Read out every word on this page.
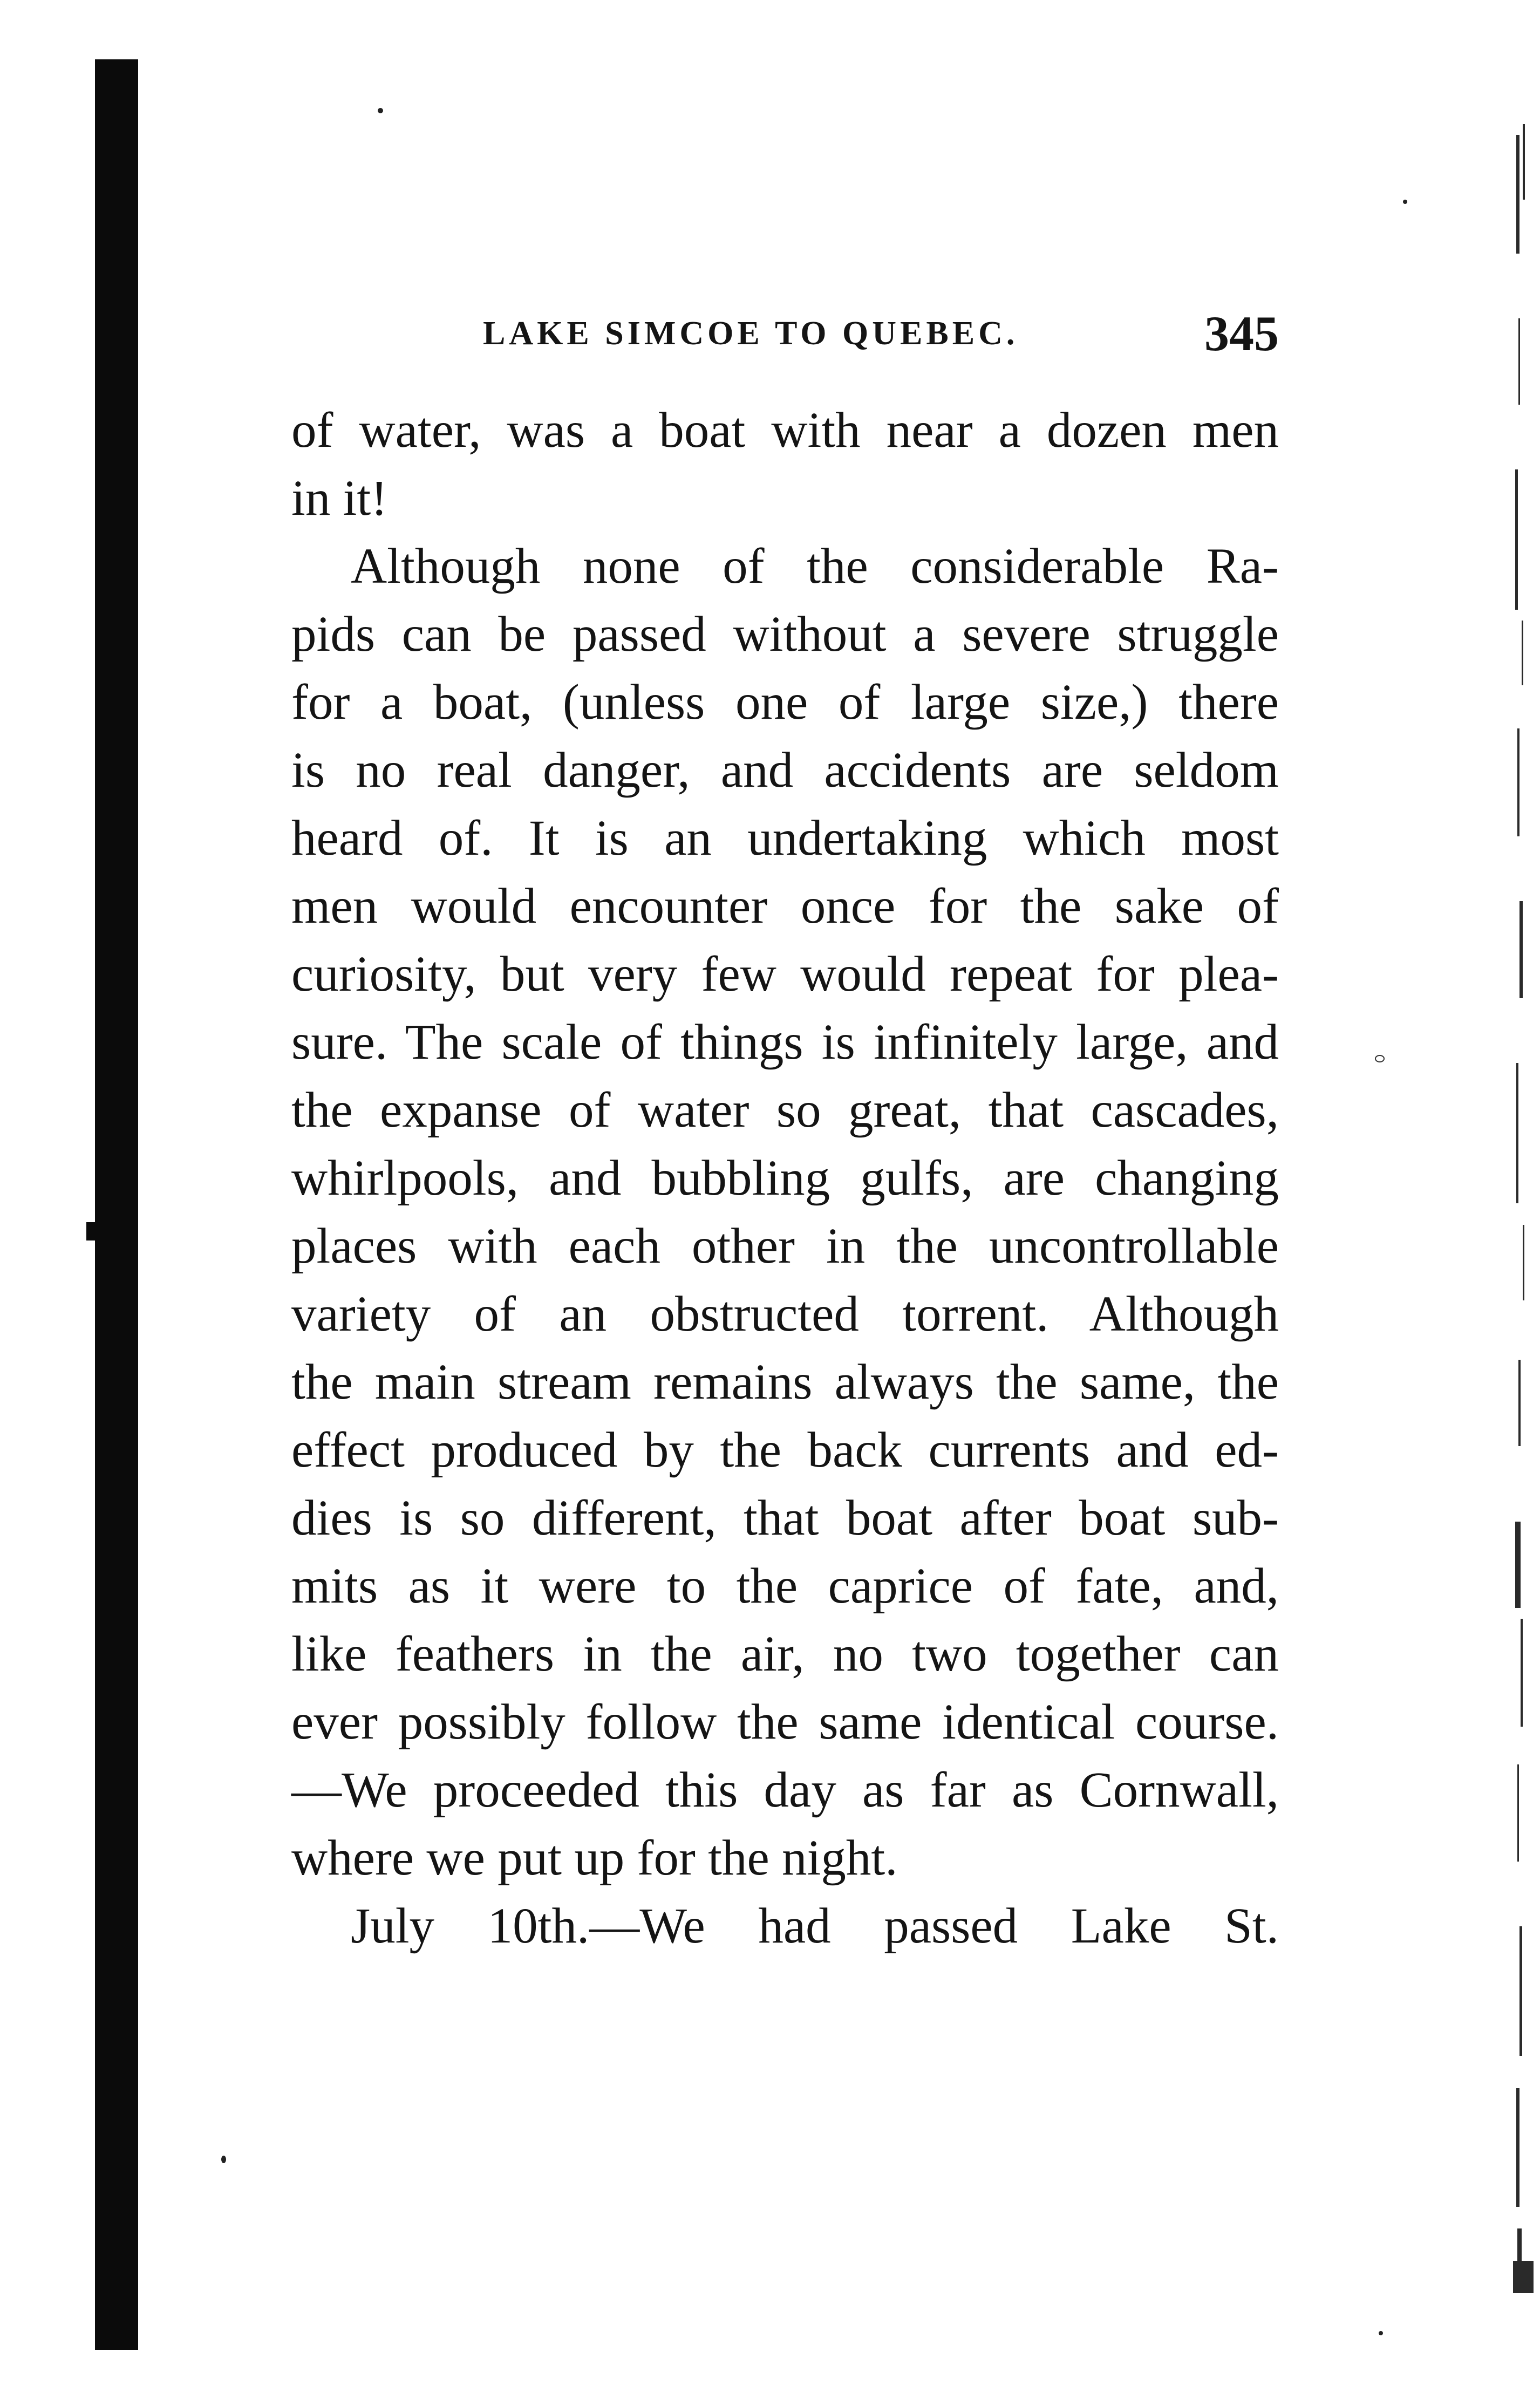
LAKE SIMCOE TO QUEBEC.	345
of water, was a boat with near a dozen men
in it!
Although none of the considerable Ra-
pids can be passed without a severe struggle
for a boat, (unless one of large size,) there
is no real danger, and accidents are seldom
heard of. It is an undertaking which most
men would encounter once for the sake of
curiosity, but very few would repeat for plea-
sure. The scale of things is infinitely large, and
the expanse of water so great, that cascades,
whirlpools, and bubbling gulfs, are changing
places with each other in the uncontrollable
variety of an obstructed torrent. Although
the main stream remains always the same, the
effect produced by the back currents and ed-
dies is so different, that boat after boat sub-
mits as it were to the caprice of fate, and,
like feathers in the air, no two together can
ever possibly follow the same identical course.
—We proceeded this day as far as Cornwall,
where we put up for the night.
July 10th.—We had passed Lake St.
